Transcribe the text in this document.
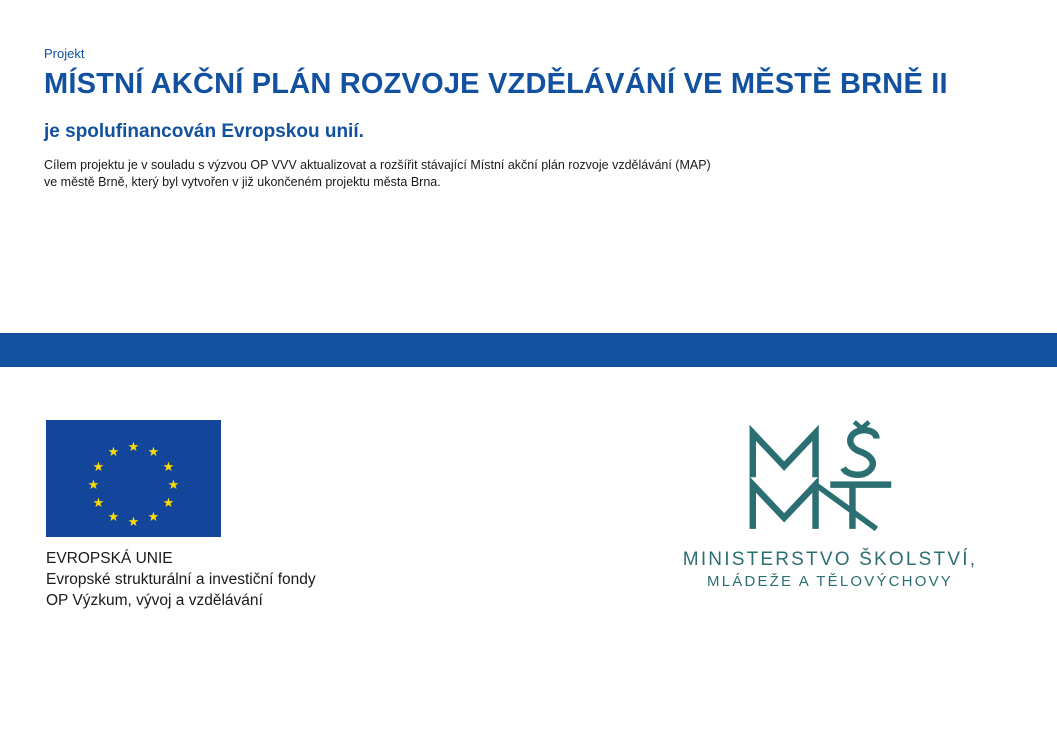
Projekt

MÍSTNÍ AKČNÍ PLÁN ROZVOJE VZDĚLÁVÁNÍ VE MĚSTĚ BRNĚ II
je spolufinancován Evropskou unií.

Cílem projektu je v souladu s výzvou OP VVV aktualizovat a rozšířit stávající Místní akční plán rozvoje vzdělávání (MAP)
ve městě Brně, který byl vytvořen v již ukončeném projektu města Brna.

★
★ ★
★	★
★	★
★	★
★ ★
★
EVROPSKÁ UNIE
Evropské strukturální a investiční fondy
OP Výzkum, vývoj a vzdělávání
MINISTERSTVO ŠKOLSTVÍ,
MLÁDEŽE A TĚLOVÝCHOVY
